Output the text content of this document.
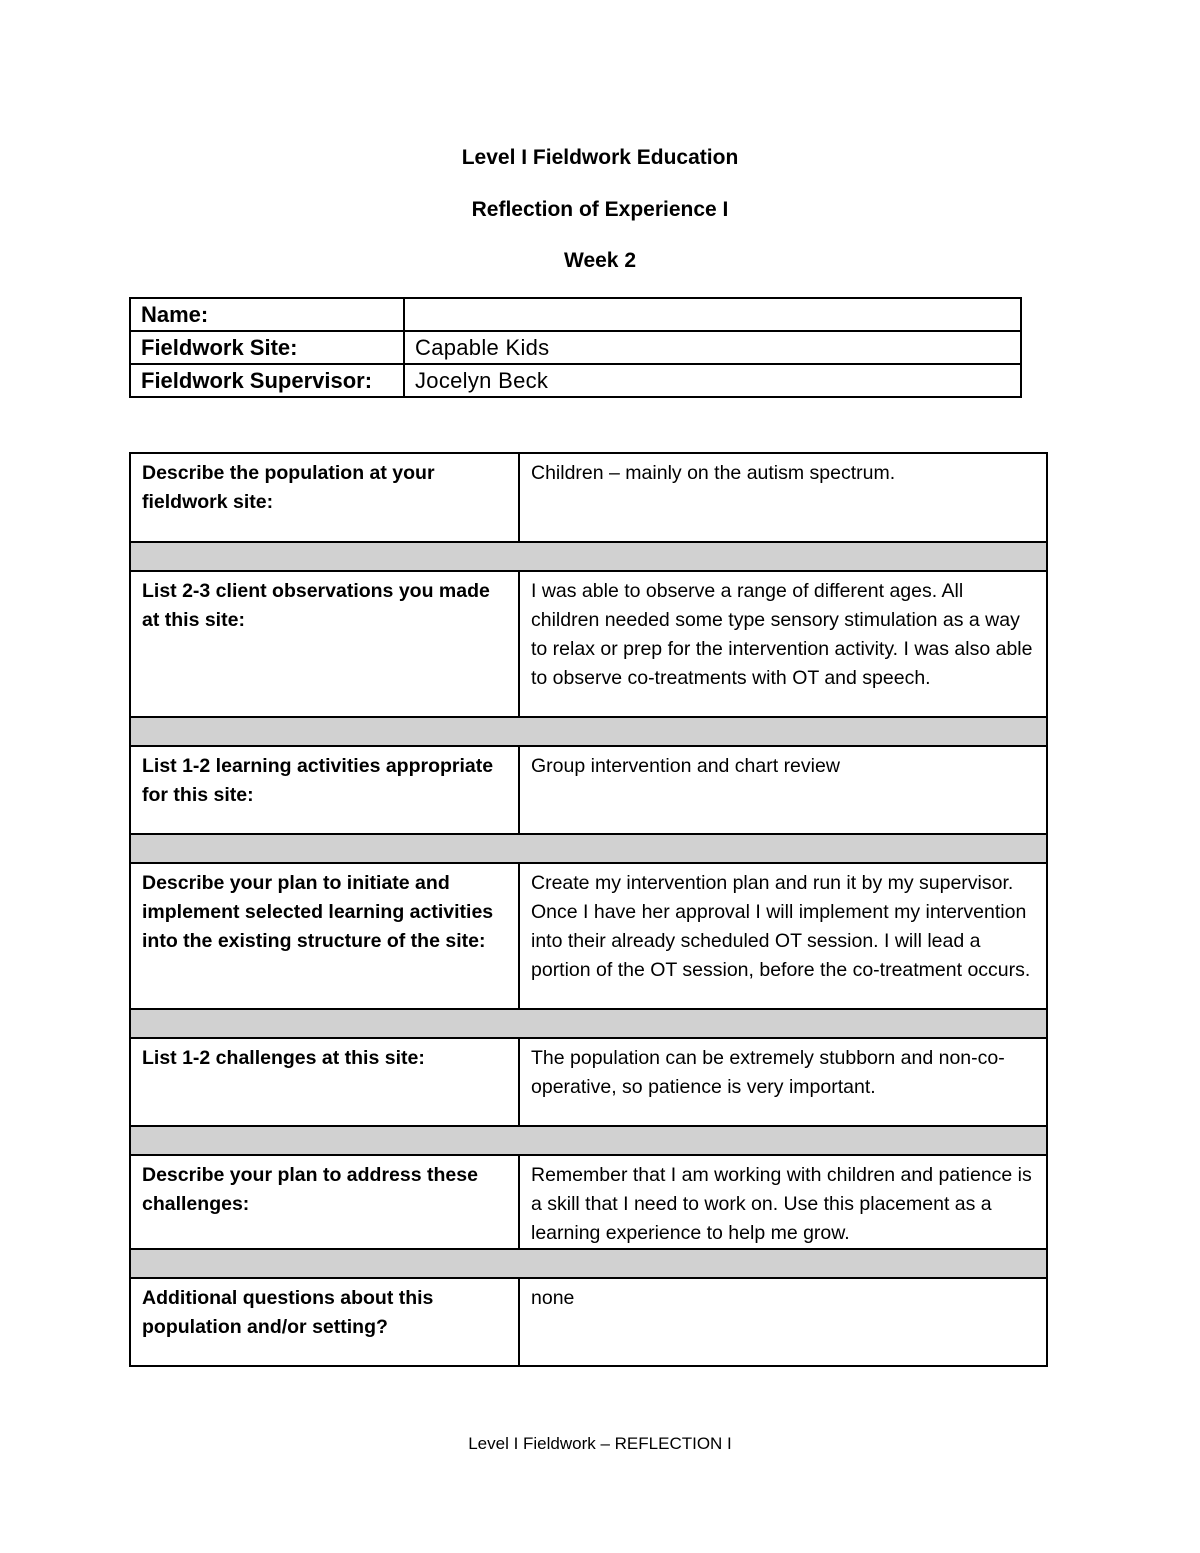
Level I Fieldwork Education
Reflection of Experience I
Week 2
Name:	
Fieldwork Site:	Capable Kids
Fieldwork Supervisor:	Jocelyn Beck
Describe the population at your fieldwork site:	Children – mainly on the autism spectrum.

List 2-3 client observations you made at this site:	I was able to observe a range of different ages. All children needed some type sensory stimulation as a way to relax or prep for the intervention activity. I was also able to observe co-treatments with OT and speech.

List 1-2 learning activities appropriate for this site:	Group intervention and chart review

Describe your plan to initiate and implement selected learning activities into the existing structure of the site:	Create my intervention plan and run it by my supervisor. Once I have her approval I will implement my intervention into their already scheduled OT session. I will lead a portion of the OT session, before the co-treatment occurs.

List 1-2 challenges at this site:	The population can be extremely stubborn and non-co-operative, so patience is very important.

Describe your plan to address these challenges:	Remember that I am working with children and patience is a skill that I need to work on. Use this placement as a learning experience to help me grow.

Additional questions about this population and/or setting?	none
Level I Fieldwork – REFLECTION I
